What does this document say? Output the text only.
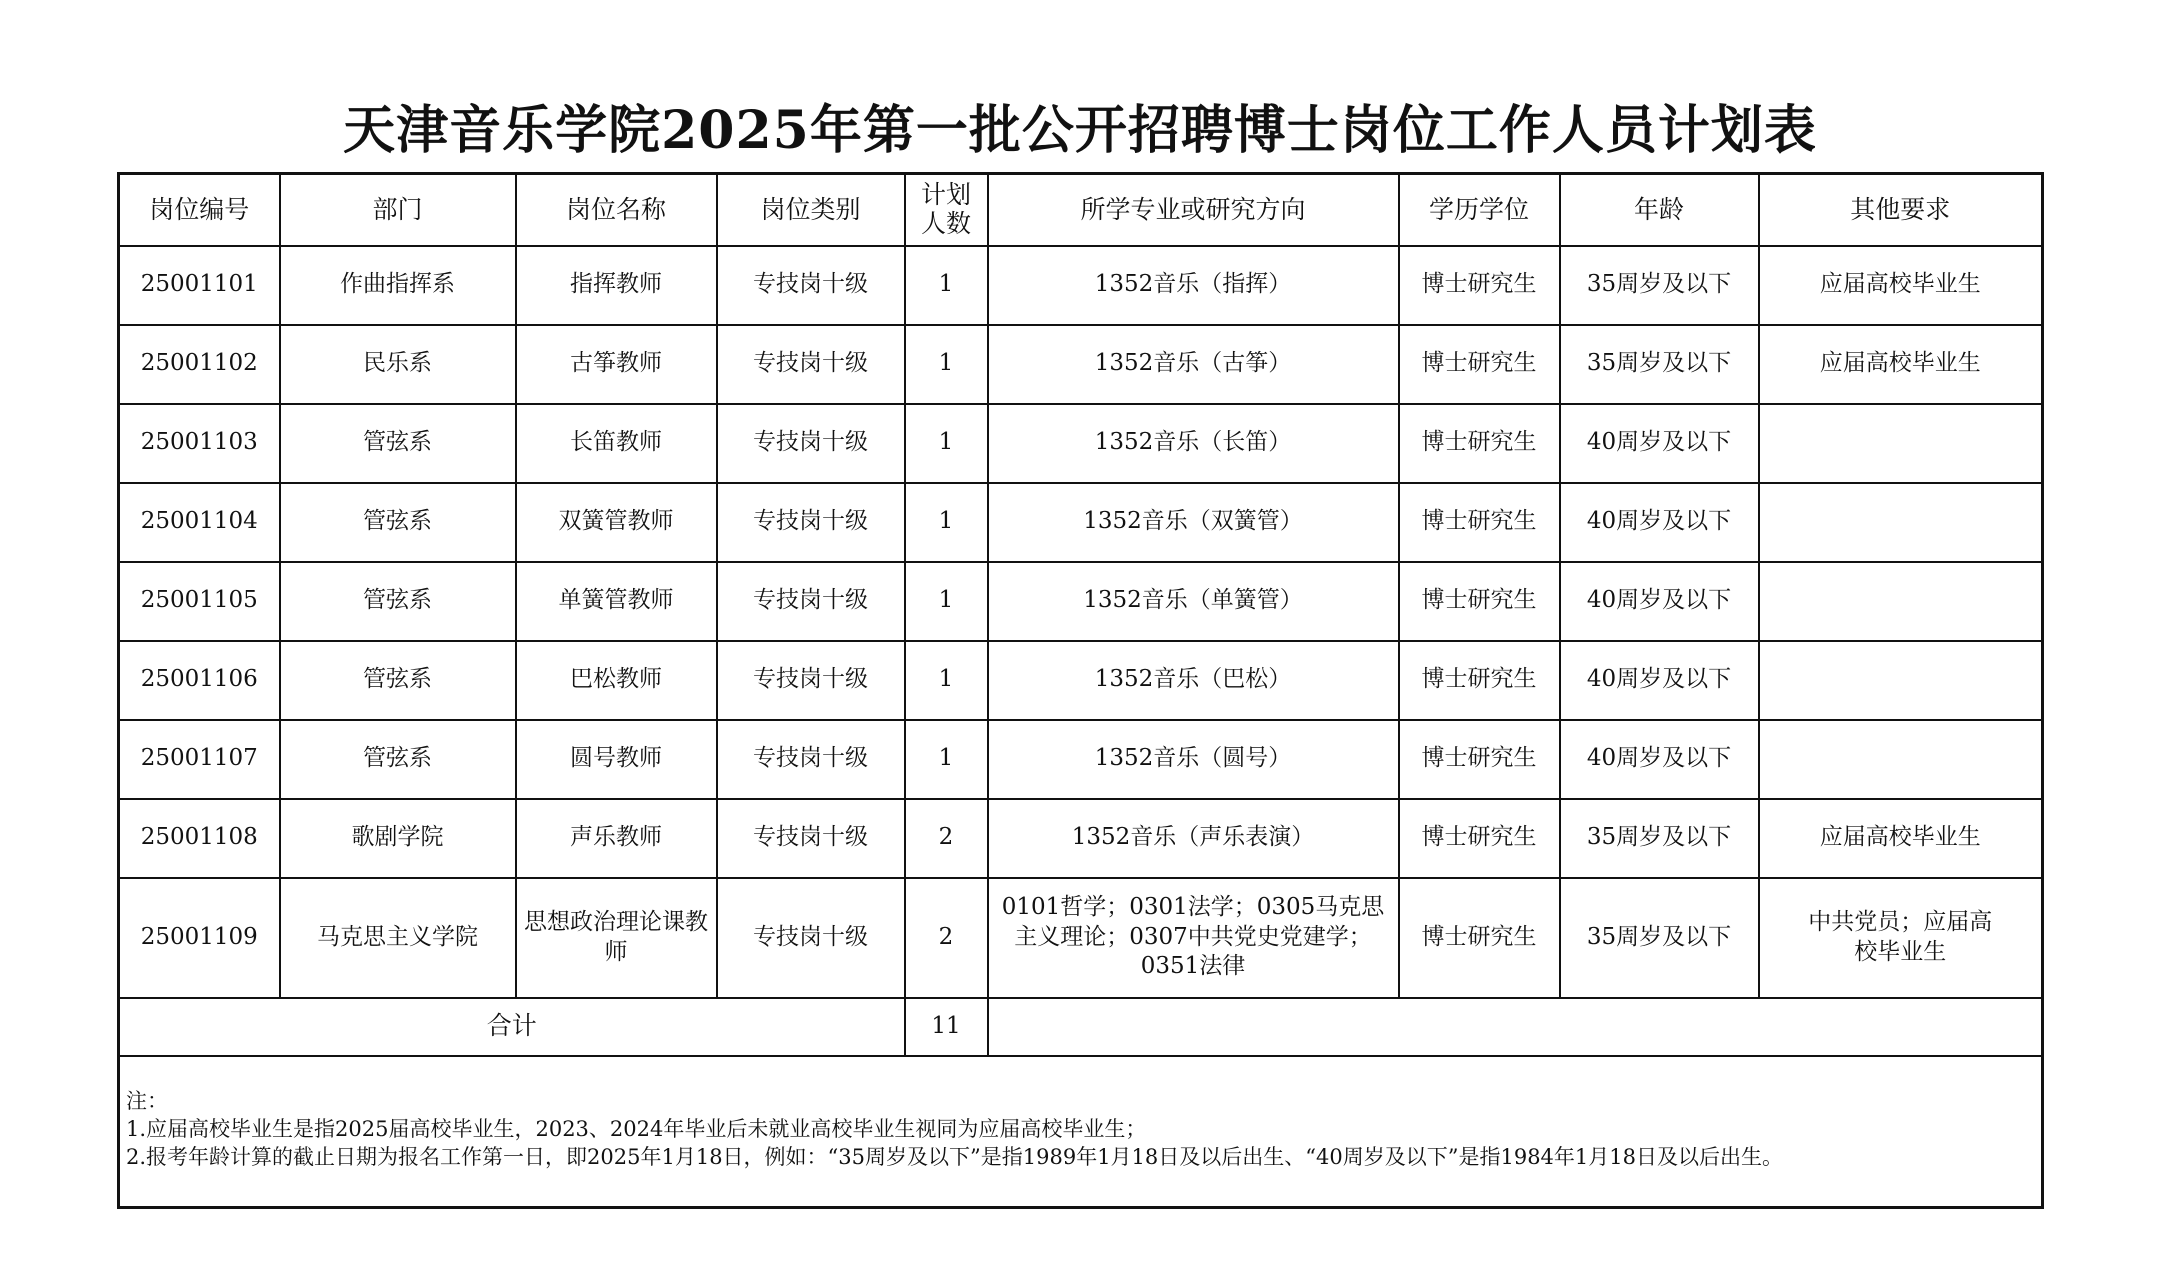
天津音乐学院2025年第一批公开招聘博士岗位工作人员计划表
岗位编号	部门	岗位名称	岗位类别	计划人数	所学专业或研究方向	学历学位	年龄	其他要求
25001101	作曲指挥系	指挥教师	专技岗十级	1	1352音乐（指挥）	博士研究生	35周岁及以下	应届高校毕业生
25001102	民乐系	古筝教师	专技岗十级	1	1352音乐（古筝）	博士研究生	35周岁及以下	应届高校毕业生
25001103	管弦系	长笛教师	专技岗十级	1	1352音乐（长笛）	博士研究生	40周岁及以下	
25001104	管弦系	双簧管教师	专技岗十级	1	1352音乐（双簧管）	博士研究生	40周岁及以下	
25001105	管弦系	单簧管教师	专技岗十级	1	1352音乐（单簧管）	博士研究生	40周岁及以下	
25001106	管弦系	巴松教师	专技岗十级	1	1352音乐（巴松）	博士研究生	40周岁及以下	
25001107	管弦系	圆号教师	专技岗十级	1	1352音乐（圆号）	博士研究生	40周岁及以下	
25001108	歌剧学院	声乐教师	专技岗十级	2	1352音乐（声乐表演）	博士研究生	35周岁及以下	应届高校毕业生
25001109	马克思主义学院	思想政治理论课教师	专技岗十级	2	0101哲学；0301法学；0305马克思主义理论；0307中共党史党建学；0351法律	博士研究生	35周岁及以下	中共党员；应届高校毕业生
合计				11				

注：
1.应届高校毕业生是指2025届高校毕业生，2023、2024年毕业后未就业高校毕业生视同为应届高校毕业生；
2.报考年龄计算的截止日期为报名工作第一日，即2025年1月18日，例如：“35周岁及以下”是指1989年1月18日及以后出生、“40周岁及以下”是指1984年1月18日及以后出生。								
